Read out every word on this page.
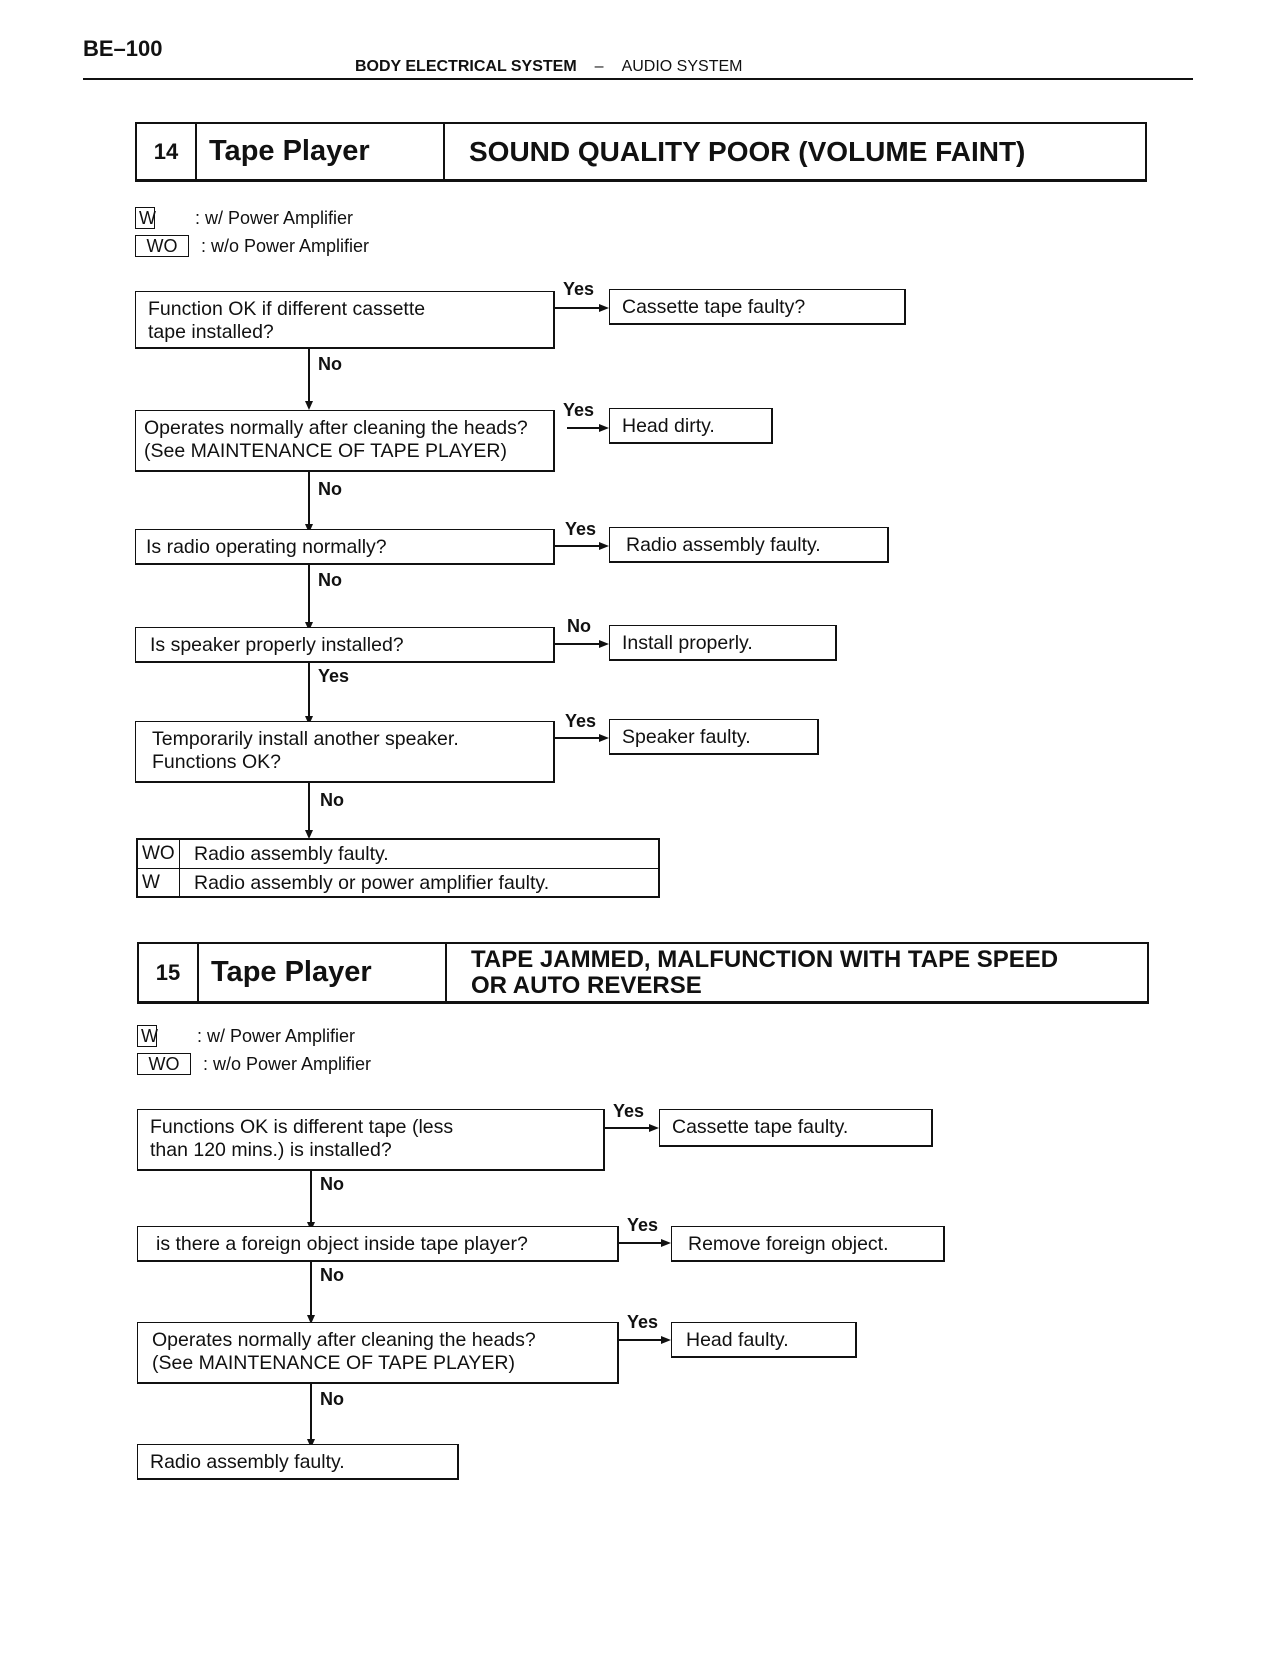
BE–100
BODY ELECTRICAL SYSTEM – AUDIO SYSTEM
14	Tape Player	SOUND QUALITY POOR (VOLUME FAINT)
W : w/ Power Amplifier
WO	: w/o Power Amplifier
Function OK if different cassette
tape installed?
Yes
Cassette tape faulty?
No
Operates normally after cleaning the heads?
(See MAINTENANCE OF TAPE PLAYER)
Yes
Head dirty.
No
Is radio operating normally?
Yes
Radio assembly faulty.
No
Is speaker properly installed?
No
Install properly.
Yes
Temporarily install another speaker.
Functions OK?
Yes
Speaker faulty.
No
WO Radio assembly faulty.
W	Radio assembly or power amplifier faulty.
15	Tape Player	TAPE JAMMED, MALFUNCTION WITH TAPE SPEED
OR AUTO REVERSE
W : w/ Power Amplifier
WO	: w/o Power Amplifier
Functions OK is different tape (less
than 120 mins.) is installed?
Yes
Cassette tape faulty.
No
is there a foreign object inside tape player?
Yes
Remove foreign object.
No
Operates normally after cleaning the heads?
(See MAINTENANCE OF TAPE PLAYER)
Yes
Head faulty.
No
Radio assembly faulty.
